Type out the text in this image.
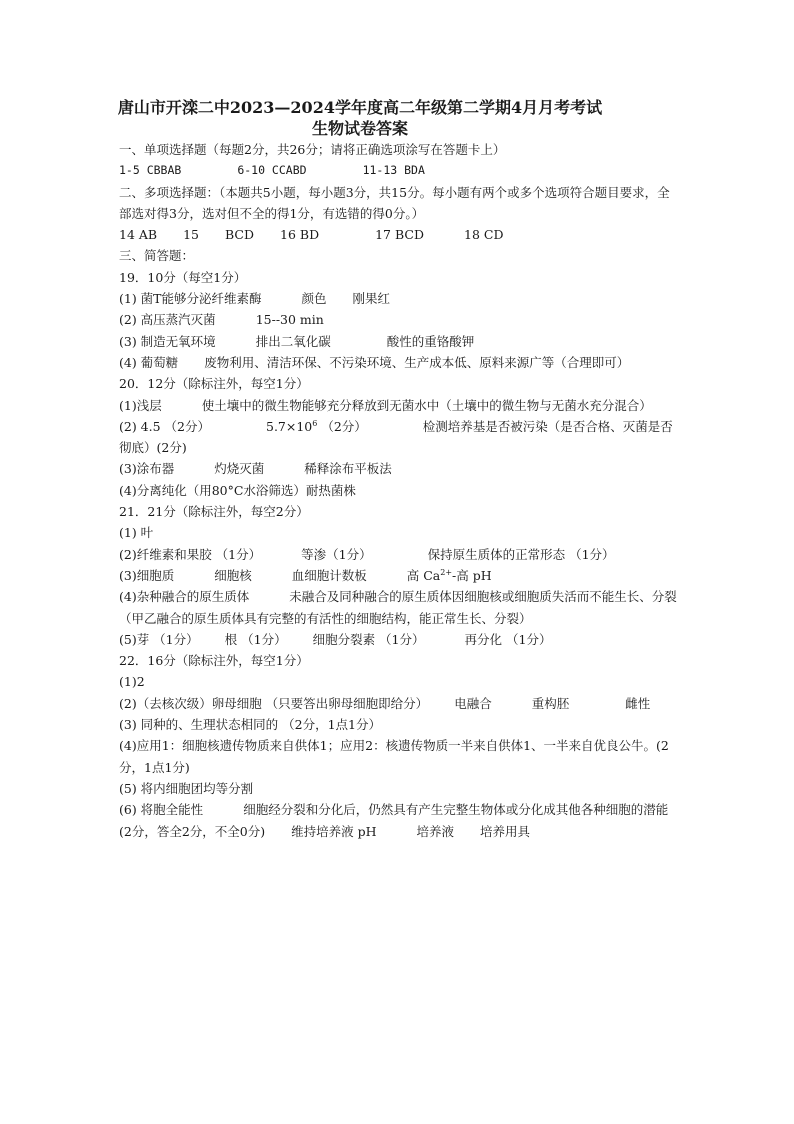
唐山市开滦二中2023—2024学年度高二年级第二学期4月月考考试

生物试卷答案

一、单项选择题（每题2分，共26分；请将正确选项涂写在答题卡上）

1-5 CBBAB	6-10 CCABD	11-13 BDA

二、多项选择题：（本题共5小题，每小题3分，共15分。每小题有两个或多个选项符合题目要求，全部选对得3分，选对但不全的得1分，有选错的得0分。）

14 AB 15 BCD 16 BD	17 BCD	18 CD

三、简答题：

19．10分（每空1分）

(1) 菌T能够分泌纤维素酶	颜色 刚果红

(2) 高压蒸汽灭菌	15--30 min

(3) 制造无氧环境	排出二氧化碳	酸性的重铬酸钾

(4) 葡萄糖 废物利用、清洁环保、不污染环境、生产成本低、原料来源广等（合理即可）

20．12分（除标注外，每空1分）

(1)浅层	使土壤中的微生物能够充分释放到无菌水中（土壤中的微生物与无菌水充分混合）

(2) 4.5 （2分）	$5.7\times 10^6$ （2分）	检测培养基是否被污染（是否合格、灭菌是否彻底）(2分)

(3)涂布器	灼烧灭菌	稀释涂布平板法

(4)分离纯化（用80°C水浴筛选）耐热菌株

21．21分（除标注外，每空2分）

(1) 叶

(2)纤维素和果胶 （1分）	等渗（1分）	保持原生质体的正常形态 （1分）

(3)细胞质	细胞核	血细胞计数板	高 $Ca^{2+}-$高 pH

(4)杂种融合的原生质体	未融合及同种融合的原生质体因细胞核或细胞质失活而不能生长、分裂（甲乙融合的原生质体具有完整的有活性的细胞结构，能正常生长、分裂）

(5)芽 （1分） 根 （1分） 细胞分裂素 （1分）	再分化 （1分）

22．16分（除标注外，每空1分）

(1)2

(2)（去核次级）卵母细胞 （只要答出卵母细胞即给分） 电融合	重构胚	雌性

(3) 同种的、生理状态相同的 （2分，1点1分）

(4)应用1：细胞核遗传物质来自供体1；应用2：核遗传物质一半来自供体1、一半来自优良公牛。(2分，1点1分)

(5) 将内细胞团均等分割

(6) 将胞全能性	细胞经分裂和分化后，仍然具有产生完整生物体或分化成其他各种细胞的潜能(2分，答全2分，不全0分) 维持培养液 pH	培养液 培养用具
